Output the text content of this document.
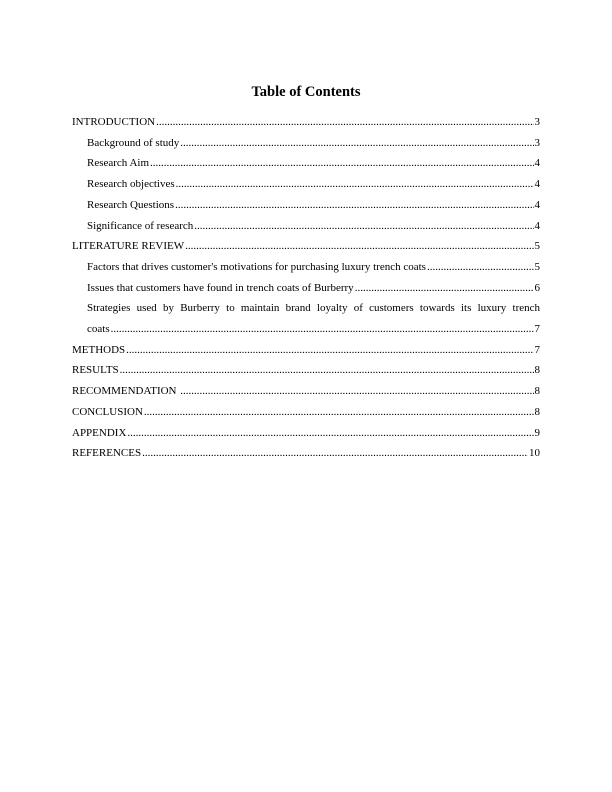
Table of Contents
INTRODUCTION .....	3
Background of study .....	3
Research Aim .....	4
Research objectives .....	4
Research Questions .....	4
Significance of research .....	4
LITERATURE REVIEW .....	5
Factors that drives customer's motivations for purchasing luxury trench coats .....	5
Issues that customers have found in trench coats of Burberry .....	6
Strategies used by Burberry to maintain brand loyalty of customers towards its luxury trench
coats .....	7
METHODS .....	7
RESULTS .....	8
RECOMMENDATION .....	8
CONCLUSION .....	8
APPENDIX .....	9
REFERENCES .....	10
